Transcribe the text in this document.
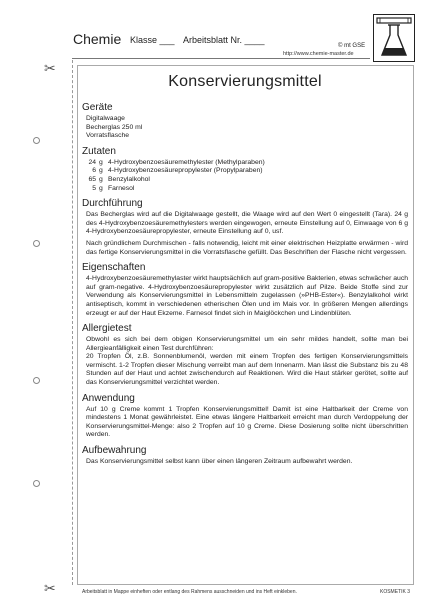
Chemie Klasse ___ Arbeitsblatt Nr. ____
© mt GSE
http://www.chemie-master.de
✂
✂
Konservierungsmittel
Geräte
Digitalwaage
Becherglas 250 ml
Vorratsflasche
Zutaten
24 g 4-Hydroxybenzoesäuremethylester (Methylparaben)
6 g 4-Hydroxybenzoesäurepropylester (Propylparaben)
65 g Benzylalkohol
5 g Farnesol
Durchführung

Das Becherglas wird auf die Digitalwaage gestellt, die Waage wird auf den Wert 0 eingestellt (Tara). 24 g des 4-Hydroxybenzoesäuremethylesters werden eingewogen, erneute Einstellung auf 0, Einwaage von 6 g 4-Hydroxybenzoesäurepropylester, erneute Einstellung auf 0, usf.

Nach gründlichem Durchmischen - falls notwendig, leicht mit einer elektrischen Heizplatte erwärmen - wird das fertige Konservierungsmittel in die Vorratsflasche gefüllt. Das Beschriften der Flasche nicht vergessen.

Eigenschaften

4-Hydroxybenzoesäuremethylaster wirkt hauptsächlich auf gram-positive Bakterien, etwas schwächer auch auf gram-negative. 4-Hydroxybenzoesäurepropylester wirkt zusätzlich auf Pilze. Beide Stoffe sind zur Verwendung als Konservierungsmittel in Lebensmitteln zugelassen (»PHB-Ester«). Benzylalkohol wirkt antiseptisch, kommt in verschiedenen etherischen Ölen und im Mais vor. In größeren Mengen allerdings erzeugt er auf der Haut Ekzeme. Farnesol findet sich in Maiglöckchen und Lindenblüten.

Allergietest

Obwohl es sich bei dem obigen Konservierungsmittel um ein sehr mildes handelt, sollte man bei Allergieanfälligkeit einen Test durchführen:

20 Tropfen Öl, z.B. Sonnenblumenöl, werden mit einem Tropfen des fertigen Konservierungsmittels vermischt. 1-2 Tropfen dieser Mischung verreibt man auf dem Innenarm. Man lässt die Substanz bis zu 48 Stunden auf der Haut und achtet zwischendurch auf Reaktionen. Wird die Haut stärker gerötet, sollte auf das Konservierungsmittel verzichtet werden.

Anwendung

Auf 10 g Creme kommt 1 Tropfen Konservierungsmittel! Damit ist eine Haltbarkeit der Creme von mindestens 1 Monat gewährleistet. Eine etwas längere Haltbarkeit erreicht man durch Verdoppelung der Konservierungsmittel-Menge: also 2 Tropfen auf 10 g Creme. Diese Dosierung sollte nicht überschritten werden.

Aufbewahrung

Das Konservierungsmittel selbst kann über einen längeren Zeitraum aufbewahrt werden.

Arbeitsblatt in Mappe einheften oder entlang des Rahmens ausschneiden und ins Heft einkleben.	KOSMETIK 3
